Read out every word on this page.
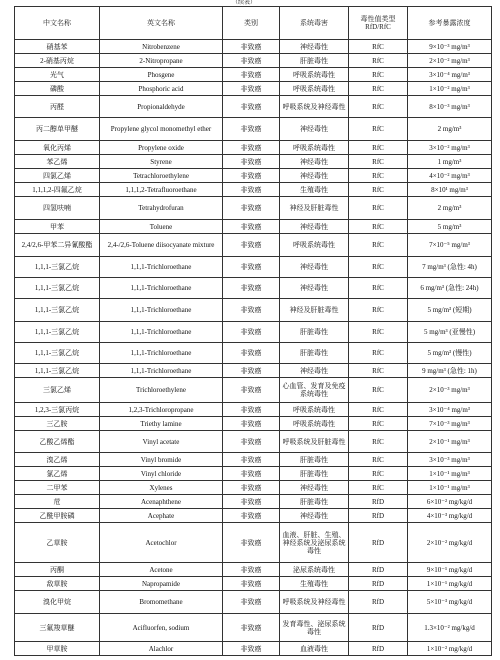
（续表）
中文名称	英文名称	类别	系统毒害	毒性值类型 RfD/RfC	参考暴露浓度
硝基苯	Nitrobenzene	非致癌	神经毒性	RfC	9×10⁻³ mg/m³
2-硝基丙烷	2-Nitropropane	非致癌	肝脏毒性	RfC	2×10⁻² mg/m³
光气	Phosgene	非致癌	呼吸系统毒性	RfC	3×10⁻⁴ mg/m³
磷酸	Phosphoric acid	非致癌	呼吸系统毒性	RfC	1×10⁻² mg/m³
丙醛	Propionaldehyde	非致癌	呼吸系统及神经毒性	RfC	8×10⁻³ mg/m³
丙二醇单甲醚	Propylene glycol monomethyl ether	非致癌	神经毒性	RfC	2 mg/m³
氧化丙烯	Propylene oxide	非致癌	呼吸系统毒性	RfC	3×10⁻² mg/m³
苯乙烯	Styrene	非致癌	神经毒性	RfC	1 mg/m³
四氯乙烯	Tetrachloroethylene	非致癌	神经毒性	RfC	4×10⁻² mg/m³
1,1,1,2-四氟乙烷	1,1,1,2-Tetrafluoroethane	非致癌	生殖毒性	RfC	8×10¹ mg/m³
四氢呋喃	Tetrahydrofuran	非致癌	神经及肝脏毒性	RfC	2 mg/m³
甲苯	Toluene	非致癌	神经毒性	RfC	5 mg/m³
2,4/2,6-甲苯二异氰酸酯	2,4-/2,6-Toluene diisocyanate mixture	非致癌	呼吸系统毒性	RfC	7×10⁻⁵ mg/m³
1,1,1-三氯乙烷	1,1,1-Trichloroethane	非致癌	神经毒性	RfC	7 mg/m³ (急性: 4h)
1,1,1-三氯乙烷	1,1,1-Trichloroethane	非致癌	神经毒性	RfC	6 mg/m³ (急性: 24h)
1,1,1-三氯乙烷	1,1,1-Trichloroethane	非致癌	神经及肝脏毒性	RfC	5 mg/m³ (短期)
1,1,1-三氯乙烷	1,1,1-Trichloroethane	非致癌	肝脏毒性	RfC	5 mg/m³ (亚慢性)
1,1,1-三氯乙烷	1,1,1-Trichloroethane	非致癌	肝脏毒性	RfC	5 mg/m³ (慢性)
1,1,1-三氯乙烷	1,1,1-Trichloroethane	非致癌	神经毒性	RfC	9 mg/m³ (急性: 1h)
三氯乙烯	Trichloroethylene	非致癌	心血管、发育及免疫系统毒性	RfC	2×10⁻³ mg/m³
1,2,3-三氯丙烷	1,2,3-Trichloropropane	非致癌	呼吸系统毒性	RfC	3×10⁻⁴ mg/m³
三乙胺	Triethy lamine	非致癌	呼吸系统毒性	RfC	7×10⁻³ mg/m³
乙酸乙烯酯	Vinyl acetate	非致癌	呼吸系统及肝脏毒性	RfC	2×10⁻¹ mg/m³
溴乙烯	Vinyl bromide	非致癌	肝脏毒性	RfC	3×10⁻³ mg/m³
氯乙烯	Vinyl chloride	非致癌	肝脏毒性	RfC	1×10⁻¹ mg/m³
二甲苯	Xylenes	非致癌	神经毒性	RfC	1×10⁻¹ mg/m³
苊	Acenaphthene	非致癌	肝脏毒性	RfD	6×10⁻² mg/kg/d
乙酰甲胺磷	Acephate	非致癌	神经毒性	RfD	4×10⁻³ mg/kg/d
乙草胺	Acetochlor	非致癌	血液、肝脏、生殖、神经系统及泌尿系统毒性	RfD	2×10⁻² mg/kg/d
丙酮	Acetone	非致癌	泌尿系统毒性	RfD	9×10⁻¹ mg/kg/d
敌草胺	Napropamide	非致癌	生殖毒性	RfD	1×10⁻¹ mg/kg/d
溴化甲烷	Bromomethane	非致癌	呼吸系统及神经毒性	RfD	5×10⁻³ mg/kg/d
三氟羧草醚	Acifluorfen, sodium	非致癌	发育毒性、泌尿系统毒性	RfD	1.3×10⁻² mg/kg/d
甲草胺	Alachlor	非致癌	血液毒性	RfD	1×10⁻² mg/kg/d
